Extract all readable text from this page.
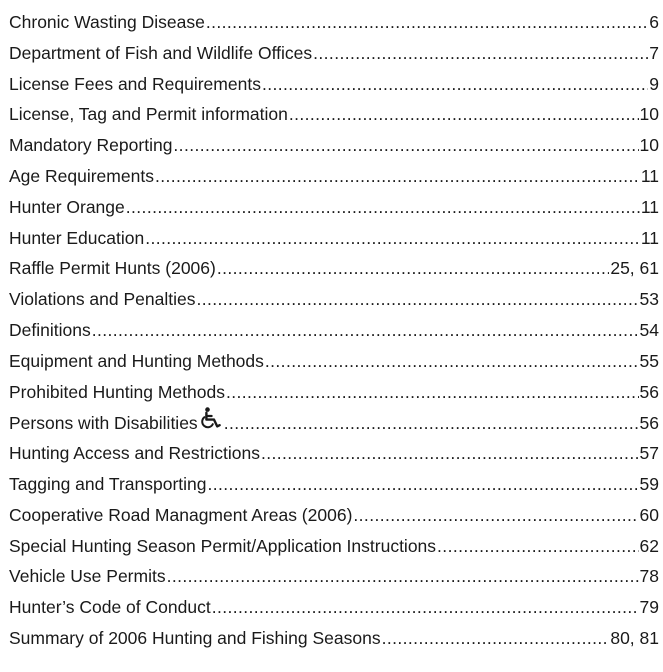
Chronic Wasting Disease .....	6
Department of Fish and Wildlife Offices .....	7
License Fees and Requirements .....	9
License, Tag and Permit information .....	10
Mandatory Reporting .....	10
Age Requirements .....	11
Hunter Orange .....	11
Hunter Education .....	11
Raffle Permit Hunts (2006) .....	25, 61
Violations and Penalties .....	53
Definitions .....	54
Equipment and Hunting Methods .....	55
Prohibited Hunting Methods .....	56
Persons with Disabilities .....	56
Hunting Access and Restrictions .....	57
Tagging and Transporting .....	59
Cooperative Road Managment Areas (2006) .....	60
Special Hunting Season Permit/Application Instructions .....	62
Vehicle Use Permits .....	78
Hunter’s Code of Conduct .....	79
Summary of 2006 Hunting and Fishing Seasons .....	80, 81
